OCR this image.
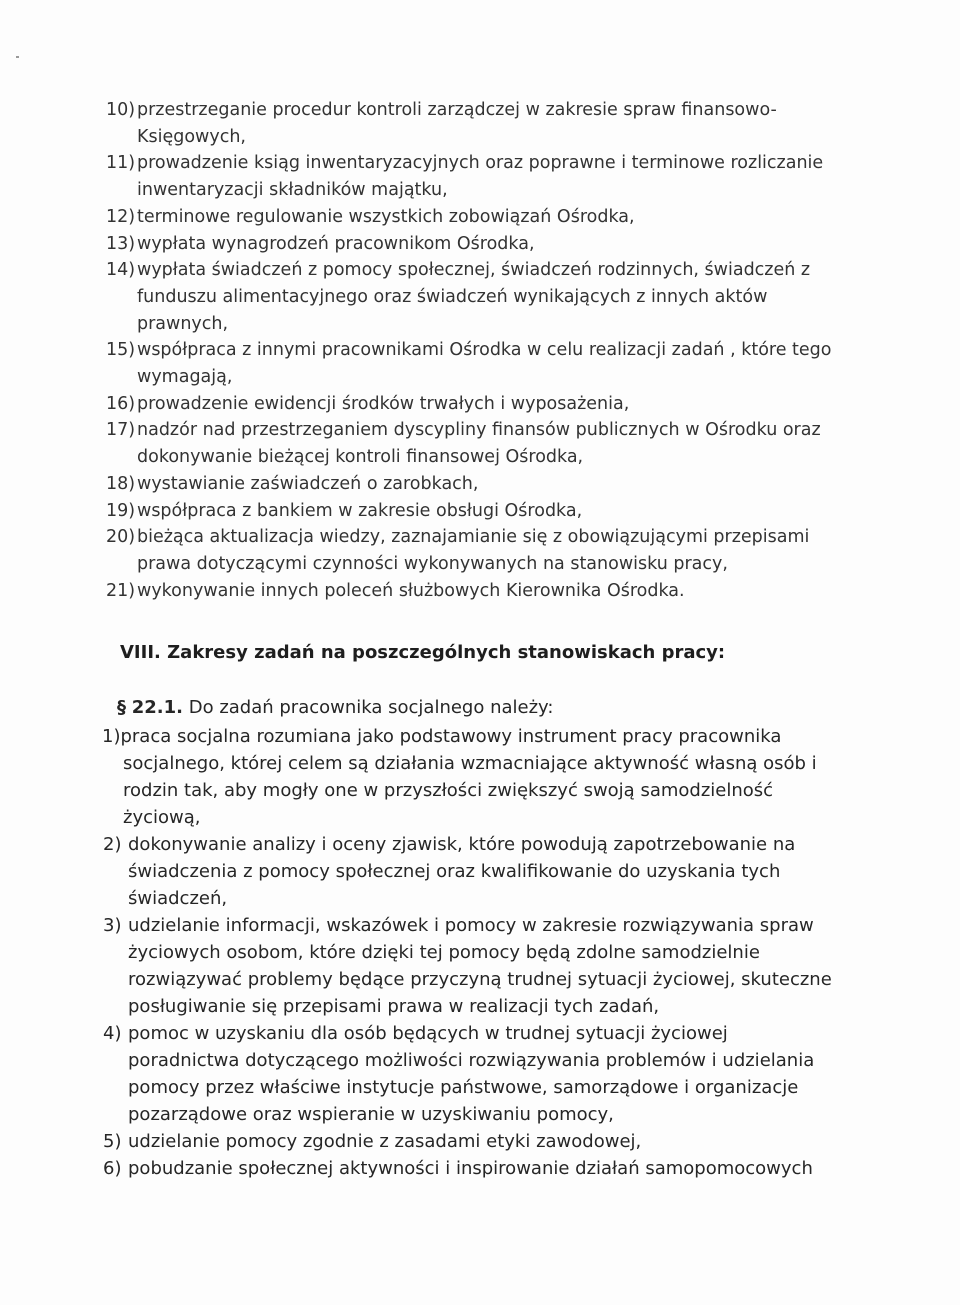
10) przestrzeganie procedur kontroli zarządczej w zakresie spraw finansowo-Księgowych,
11) prowadzenie ksiąg inwentaryzacyjnych oraz poprawne i terminowe rozliczanie inwentaryzacji składników majątku,
12) terminowe regulowanie wszystkich zobowiązań Ośrodka,
13) wypłata wynagrodzeń pracownikom Ośrodka,
14) wypłata świadczeń z pomocy społecznej, świadczeń rodzinnych, świadczeń z funduszu alimentacyjnego oraz świadczeń wynikających z innych aktów prawnych,
15) współpraca z innymi pracownikami Ośrodka w celu realizacji zadań , które tego wymagają,
16) prowadzenie ewidencji środków trwałych i wyposażenia,
17) nadzór nad przestrzeganiem dyscypliny finansów publicznych w Ośrodku oraz dokonywanie bieżącej kontroli finansowej Ośrodka,
18) wystawianie zaświadczeń o zarobkach,
19) współpraca z bankiem w zakresie obsługi Ośrodka,
20) bieżąca aktualizacja wiedzy, zaznajamianie się z obowiązującymi przepisami prawa dotyczącymi czynności wykonywanych na stanowisku pracy,
21) wykonywanie innych poleceń służbowych Kierownika Ośrodka.
VIII. Zakresy zadań na poszczególnych stanowiskach pracy:

§ 22.1. Do zadań pracownika socjalnego należy:

1)praca socjalna rozumiana jako podstawowy instrument pracy pracownika socjalnego, której celem są działania wzmacniające aktywność własną osób i rodzin tak, aby mogły one w przyszłości zwiększyć swoją samodzielność życiową,
2) dokonywanie analizy i oceny zjawisk, które powodują zapotrzebowanie na świadczenia z pomocy społecznej oraz kwalifikowanie do uzyskania tych świadczeń,
3) udzielanie informacji, wskazówek i pomocy w zakresie rozwiązywania spraw życiowych osobom, które dzięki tej pomocy będą zdolne samodzielnie rozwiązywać problemy będące przyczyną trudnej sytuacji życiowej, skuteczne posługiwanie się przepisami prawa w realizacji tych zadań,
4) pomoc w uzyskaniu dla osób będących w trudnej sytuacji życiowej poradnictwa dotyczącego możliwości rozwiązywania problemów i udzielania pomocy przez właściwe instytucje państwowe, samorządowe i organizacje pozarządowe oraz wspieranie w uzyskiwaniu pomocy,
5) udzielanie pomocy zgodnie z zasadami etyki zawodowej,
6) pobudzanie społecznej aktywności i inspirowanie działań samopomocowych
